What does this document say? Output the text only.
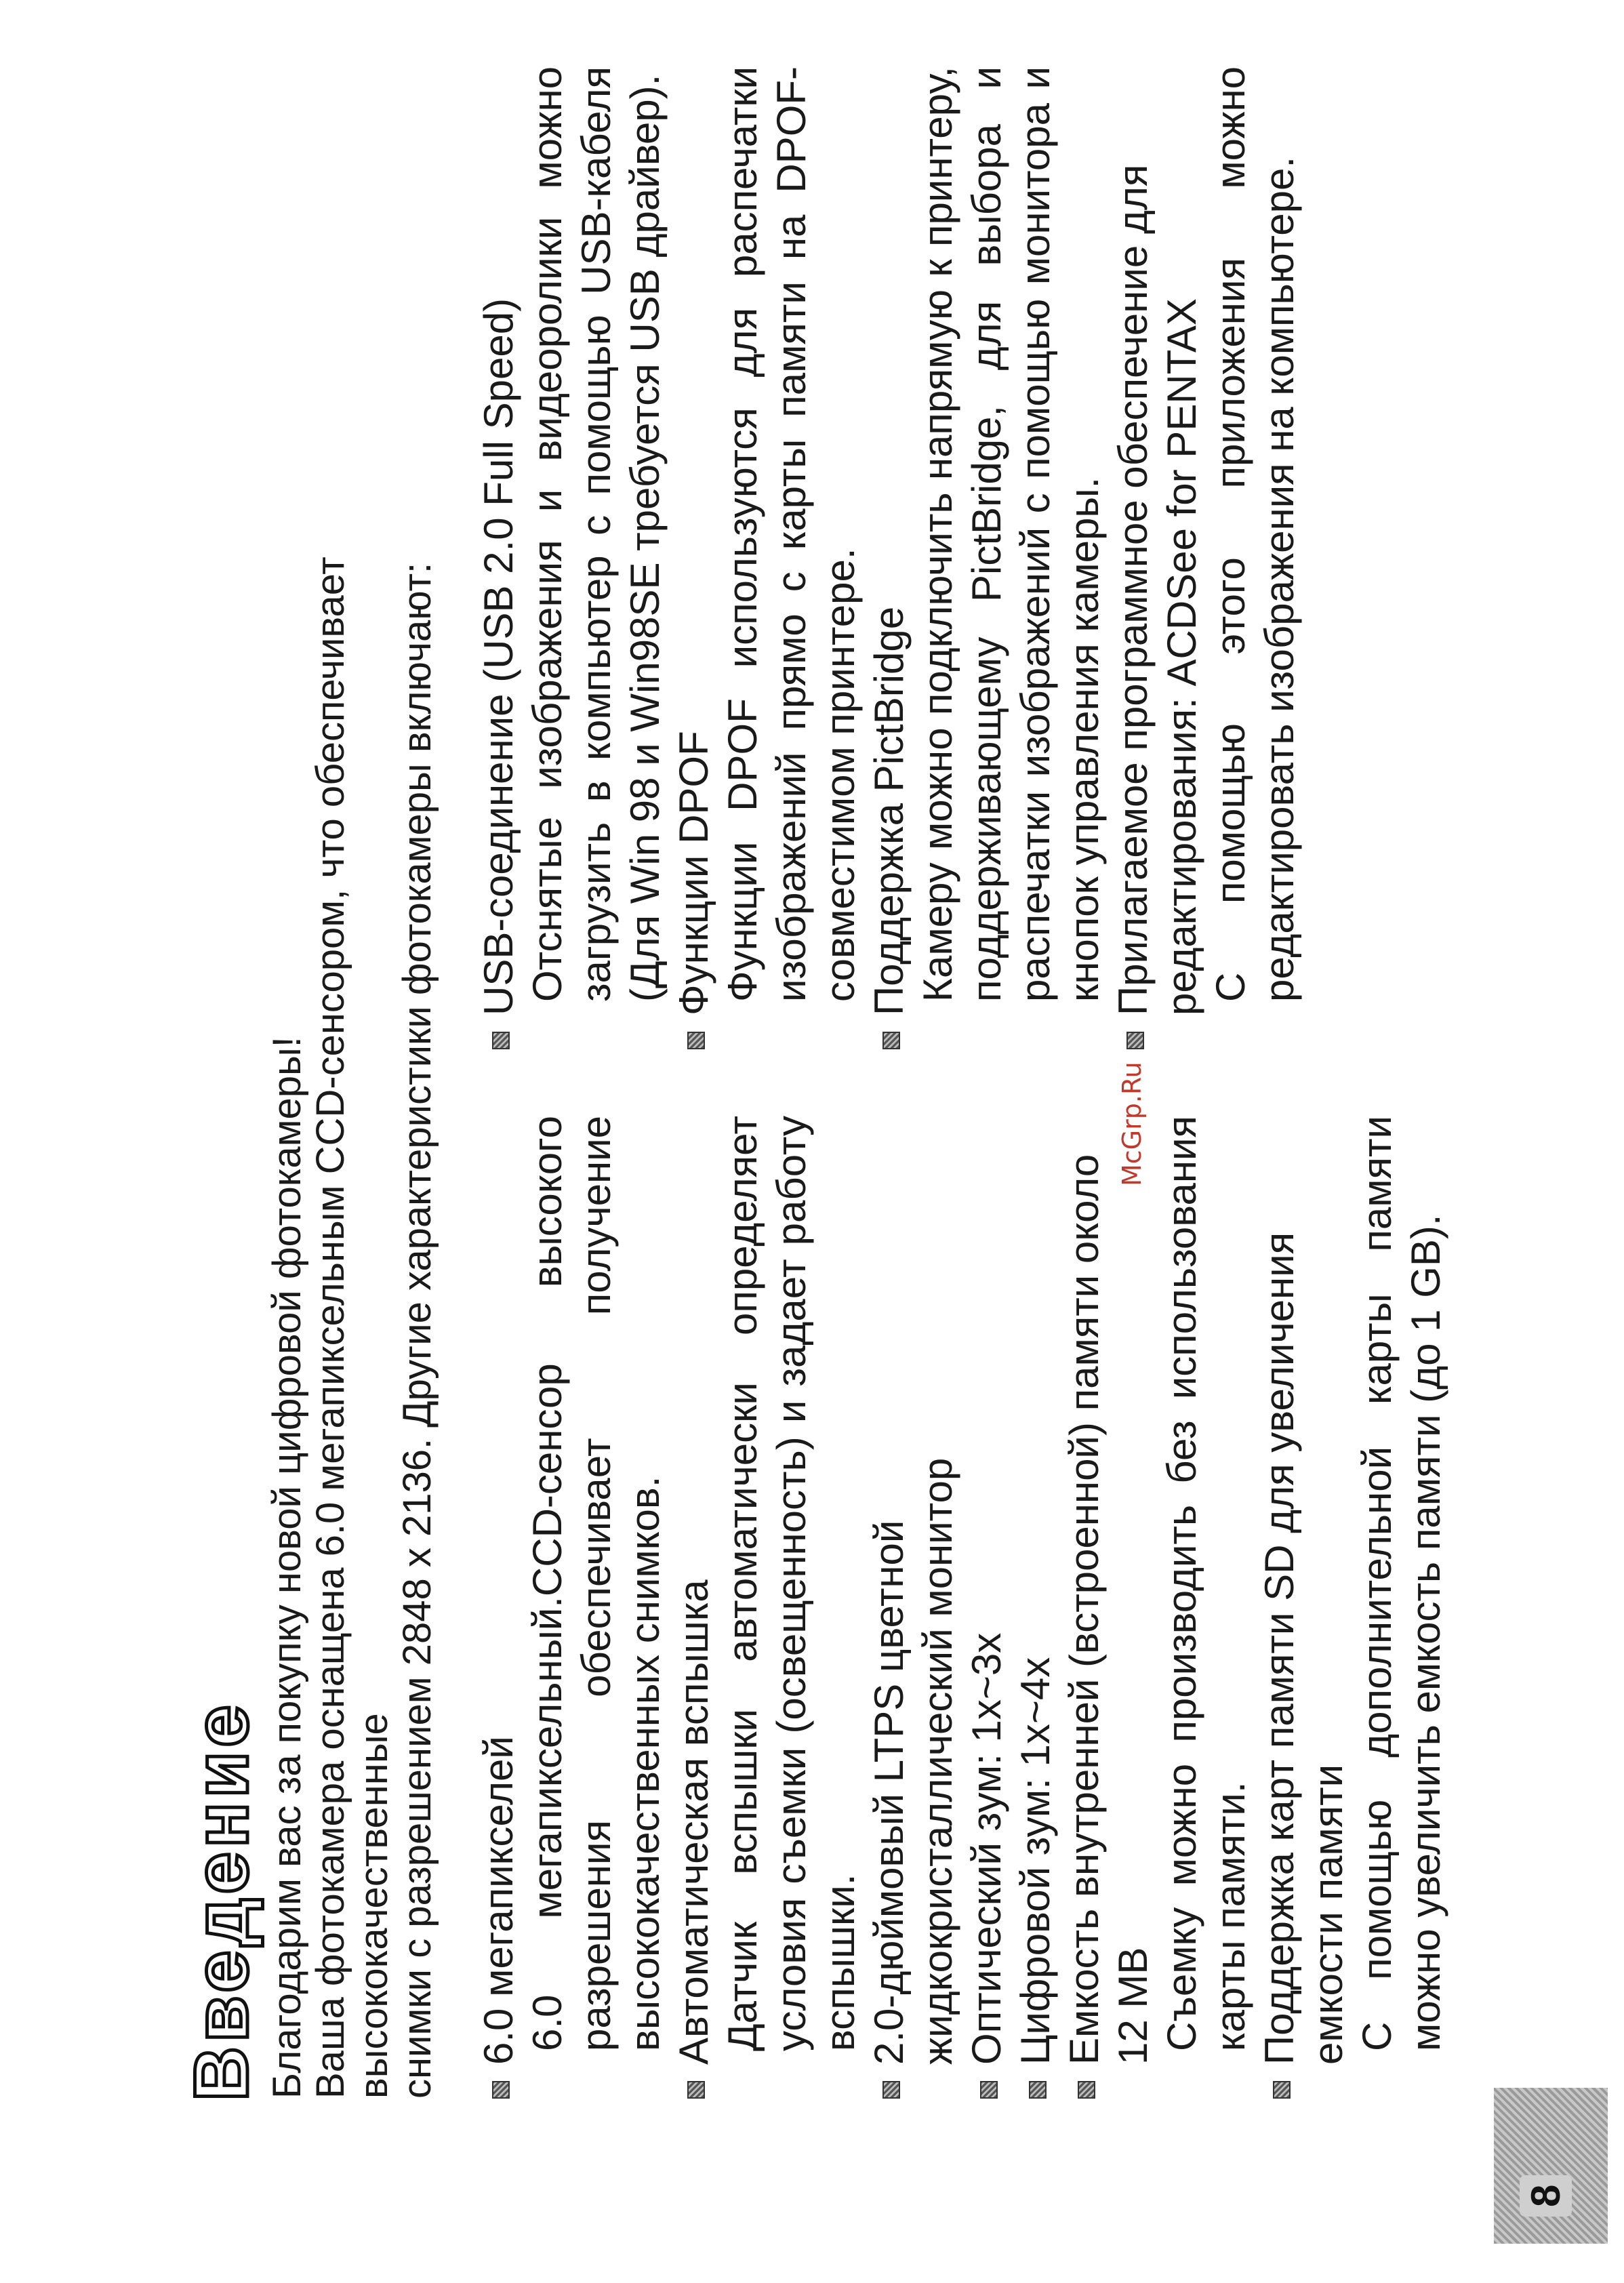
Введение Благодарим вас за покупку новой цифровой фотокамеры! Ваша фотокамера оснащена 6.0 мегапиксельным CCD-сенсором, что обеспечивает высококачественные снимки с разрешением 2848 x 2136. Другие характеристики фотокамеры включают: 6.0 мегапикселей 6.0 мегапиксельный.CCD-сенсор высокого разрешения обеспечивает получение высококачественных снимков. Автоматическая вспышка Датчик вспышки автоматически определяет условия съемки (освещенность) и задает работу вспышки. 2.0-дюймовый LTPS цветной жидкокристаллический монитор Оптический зум: 1x~3x Цифровой зум: 1x~4x Емкость внутренней (встроенной) памяти около 12 MB Съемку можно производить без использования карты памяти. Поддержка карт памяти SD для увеличения емкости памяти С помощью дополнительной карты памяти можно увеличить емкость памяти (до 1 GB).
USB-соединение (USB 2.0 Full Speed) Отснятые изображения и видеоролики можно загрузить в компьютер с помощью USB-кабеля (Для Win 98 и Win98SE требуется USB драйвер). Функции DPOF Функции DPOF используются для распечатки изображений прямо с карты памяти на DPOF-совместимом принтере. Поддержка PictBridge Камеру можно подключить напрямую к принтеру, поддерживающему PictBridge, для выбора и распечатки изображений с помощью монитора и кнопок управления камеры. Прилагаемое программное обеспечение для редактирования: ACDSee for PENTAX С помощью этого приложения можно редактировать изображения на компьютере.
McGrp.Ru
8
